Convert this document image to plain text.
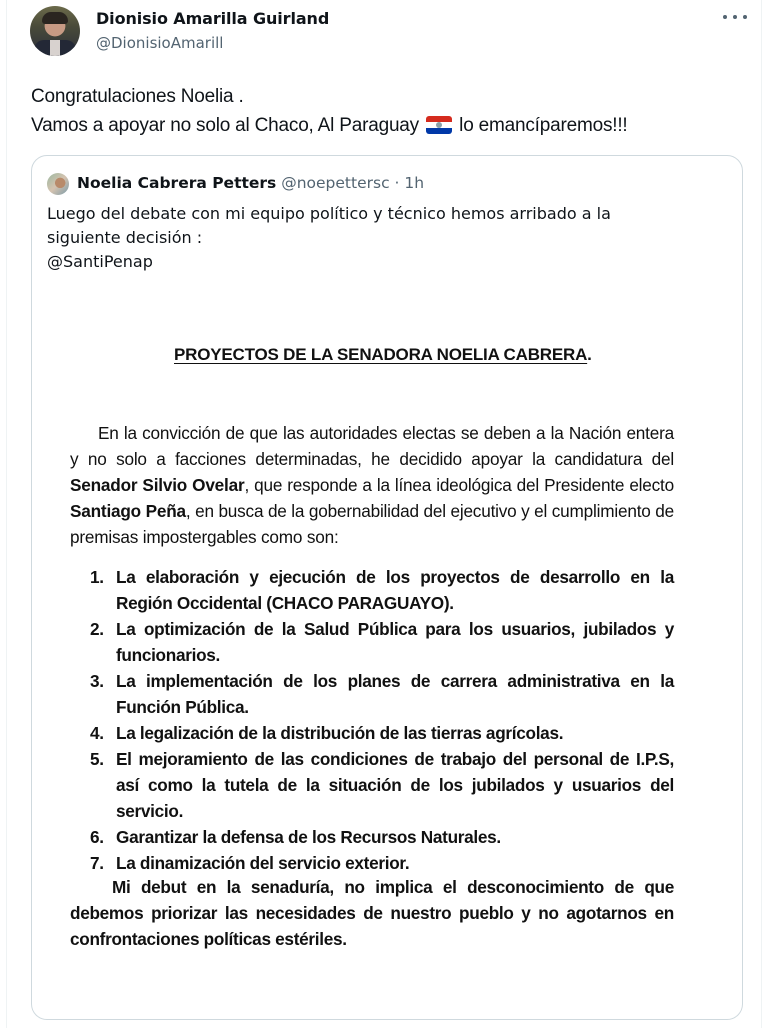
Dionisio Amarilla Guirland
@DionisioAmarill
Congratulaciones Noelia .
Vamos a apoyar no solo al Chaco, Al Paraguay lo emancíparemos!!!
Noelia Cabrera Petters @noepettersc · 1h
Luego del debate con mi equipo político y técnico hemos arribado a la
siguiente decisión :
@SantiPenap
PROYECTOS DE LA SENADORA NOELIA CABRERA.
En la convicción de que las autoridades electas se deben a la Nación entera y no solo a facciones determinadas, he decidido apoyar la candidatura del Senador Silvio Ovelar, que responde a la línea ideológica del Presidente electo Santiago Peña, en busca de la gobernabilidad del ejecutivo y el cumplimiento de premisas impostergables como son:
1. La elaboración y ejecución de los proyectos de desarrollo en la Región Occidental (CHACO PARAGUAYO).
2. La optimización de la Salud Pública para los usuarios, jubilados y funcionarios.
3. La implementación de los planes de carrera administrativa en la Función Pública.
4. La legalización de la distribución de las tierras agrícolas.
5. El mejoramiento de las condiciones de trabajo del personal de I.P.S, así como la tutela de la situación de los jubilados y usuarios del servicio.
6. Garantizar la defensa de los Recursos Naturales.
7. La dinamización del servicio exterior.
Mi debut en la senaduría, no implica el desconocimiento de que debemos priorizar las necesidades de nuestro pueblo y no agotarnos en confrontaciones políticas estériles.
